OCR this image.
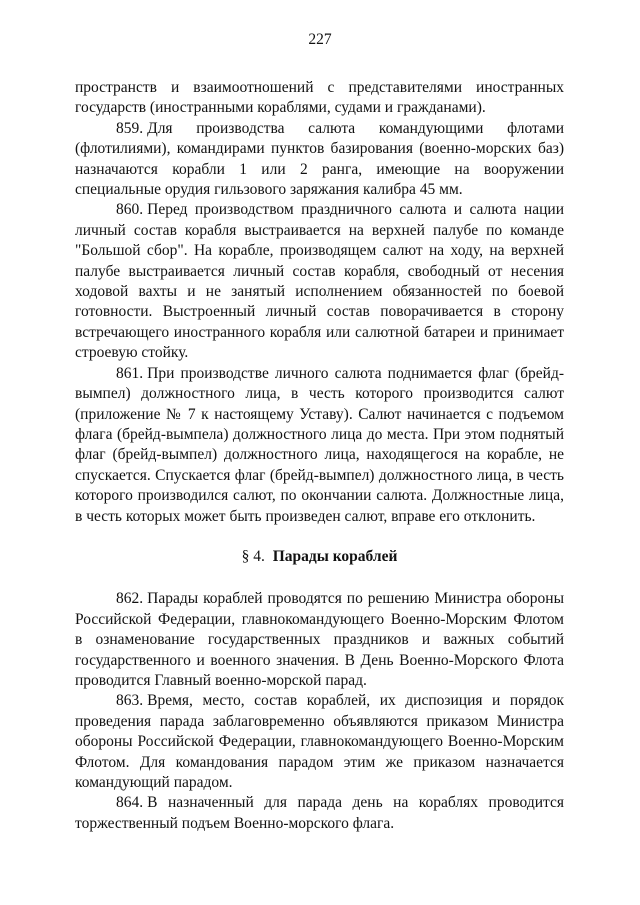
227

пространств и взаимоотношений с представителями иностранных государств (иностранными кораблями, судами и гражданами).

859. Для производства салюта командующими флотами (флотилиями), командирами пунктов базирования (военно-морских баз) назначаются корабли 1 или 2 ранга, имеющие на вооружении специальные орудия гильзового заряжания калибра 45 мм.

860. Перед производством праздничного салюта и салюта нации личный состав корабля выстраивается на верхней палубе по команде "Большой сбор". На корабле, производящем салют на ходу, на верхней палубе выстраивается личный состав корабля, свободный от несения ходовой вахты и не занятый исполнением обязанностей по боевой готовности. Выстроенный личный состав поворачивается в сторону встречающего иностранного корабля или салютной батареи и принимает строевую стойку.

861. При производстве личного салюта поднимается флаг (брейд-вымпел) должностного лица, в честь которого производится салют (приложение № 7 к настоящему Уставу). Салют начинается с подъемом флага (брейд-вымпела) должностного лица до места. При этом поднятый флаг (брейд-вымпел) должностного лица, находящегося на корабле, не спускается. Спускается флаг (брейд-вымпел) должностного лица, в честь которого производился салют, по окончании салюта. Должностные лица, в честь которых может быть произведен салют, вправе его отклонить.

§ 4. Парады кораблей

862. Парады кораблей проводятся по решению Министра обороны Российской Федерации, главнокомандующего Военно-Морским Флотом в ознаменование государственных праздников и важных событий государственного и военного значения. В День Военно-Морского Флота проводится Главный военно-морской парад.

863. Время, место, состав кораблей, их диспозиция и порядок проведения парада заблаговременно объявляются приказом Министра обороны Российской Федерации, главнокомандующего Военно-Морским Флотом. Для командования парадом этим же приказом назначается командующий парадом.

864. В назначенный для парада день на кораблях проводится торжественный подъем Военно-морского флага.
